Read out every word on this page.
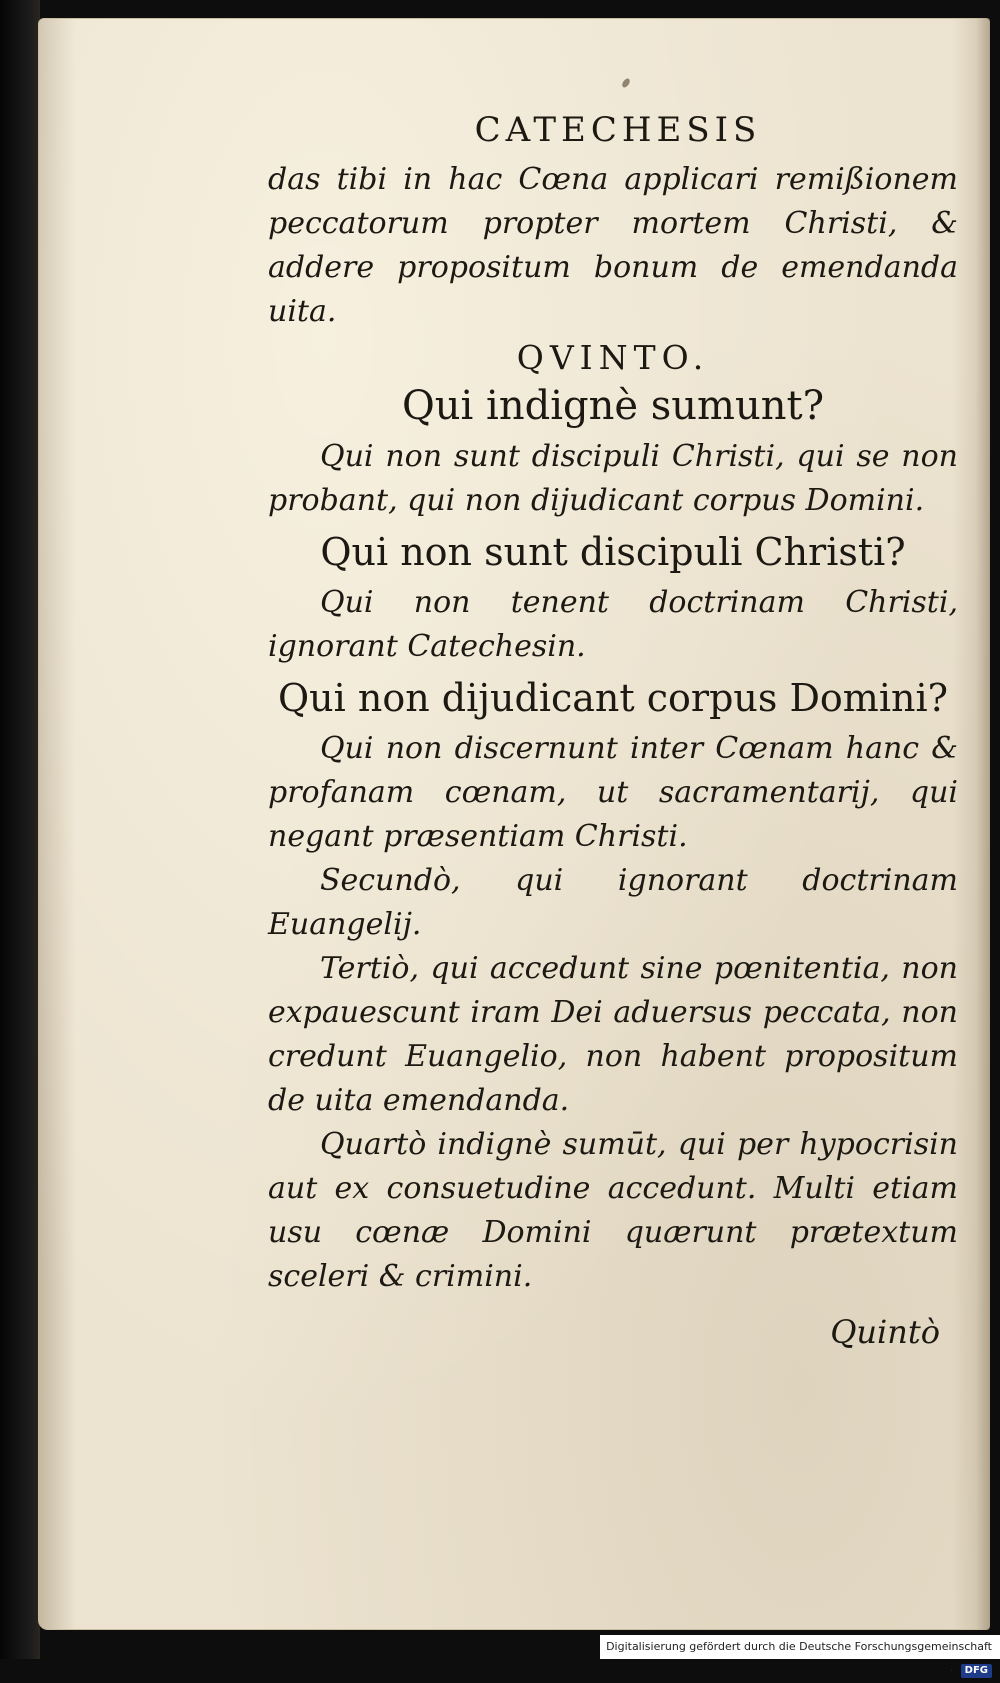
CATECHESIS

das tibi in hac Cœna applicari remißionem peccatorum propter mortem Christi, & addere propositum bonum de emendanda uita.

QVINTO.
Qui indignè sumunt?

Qui non sunt discipuli Christi, qui se non probant, qui non dijudicant corpus Domini.

Qui non sunt discipuli Christi?

Qui non tenent doctrinam Christi, ignorant Catechesin.

Qui non dijudicant corpus Domini?

Qui non discernunt inter Cœnam hanc & profanam cœnam, ut sacramentarij, qui negant præsentiam Christi.

Secundò, qui ignorant doctrinam Euangelij.

Tertiò, qui accedunt sine pœnitentia, non expauescunt iram Dei aduersus peccata, non credunt Euangelio, non habent propositum de uita emendanda.

Quartò indignè sumūt, qui per hypocrisin aut ex consuetudine accedunt. Multi etiam usu cœnæ Domini quærunt prætextum sceleri & crimini.

Quintò
Digitalisierung gefördert durch die Deutsche Forschungsgemeinschaft · DFG
